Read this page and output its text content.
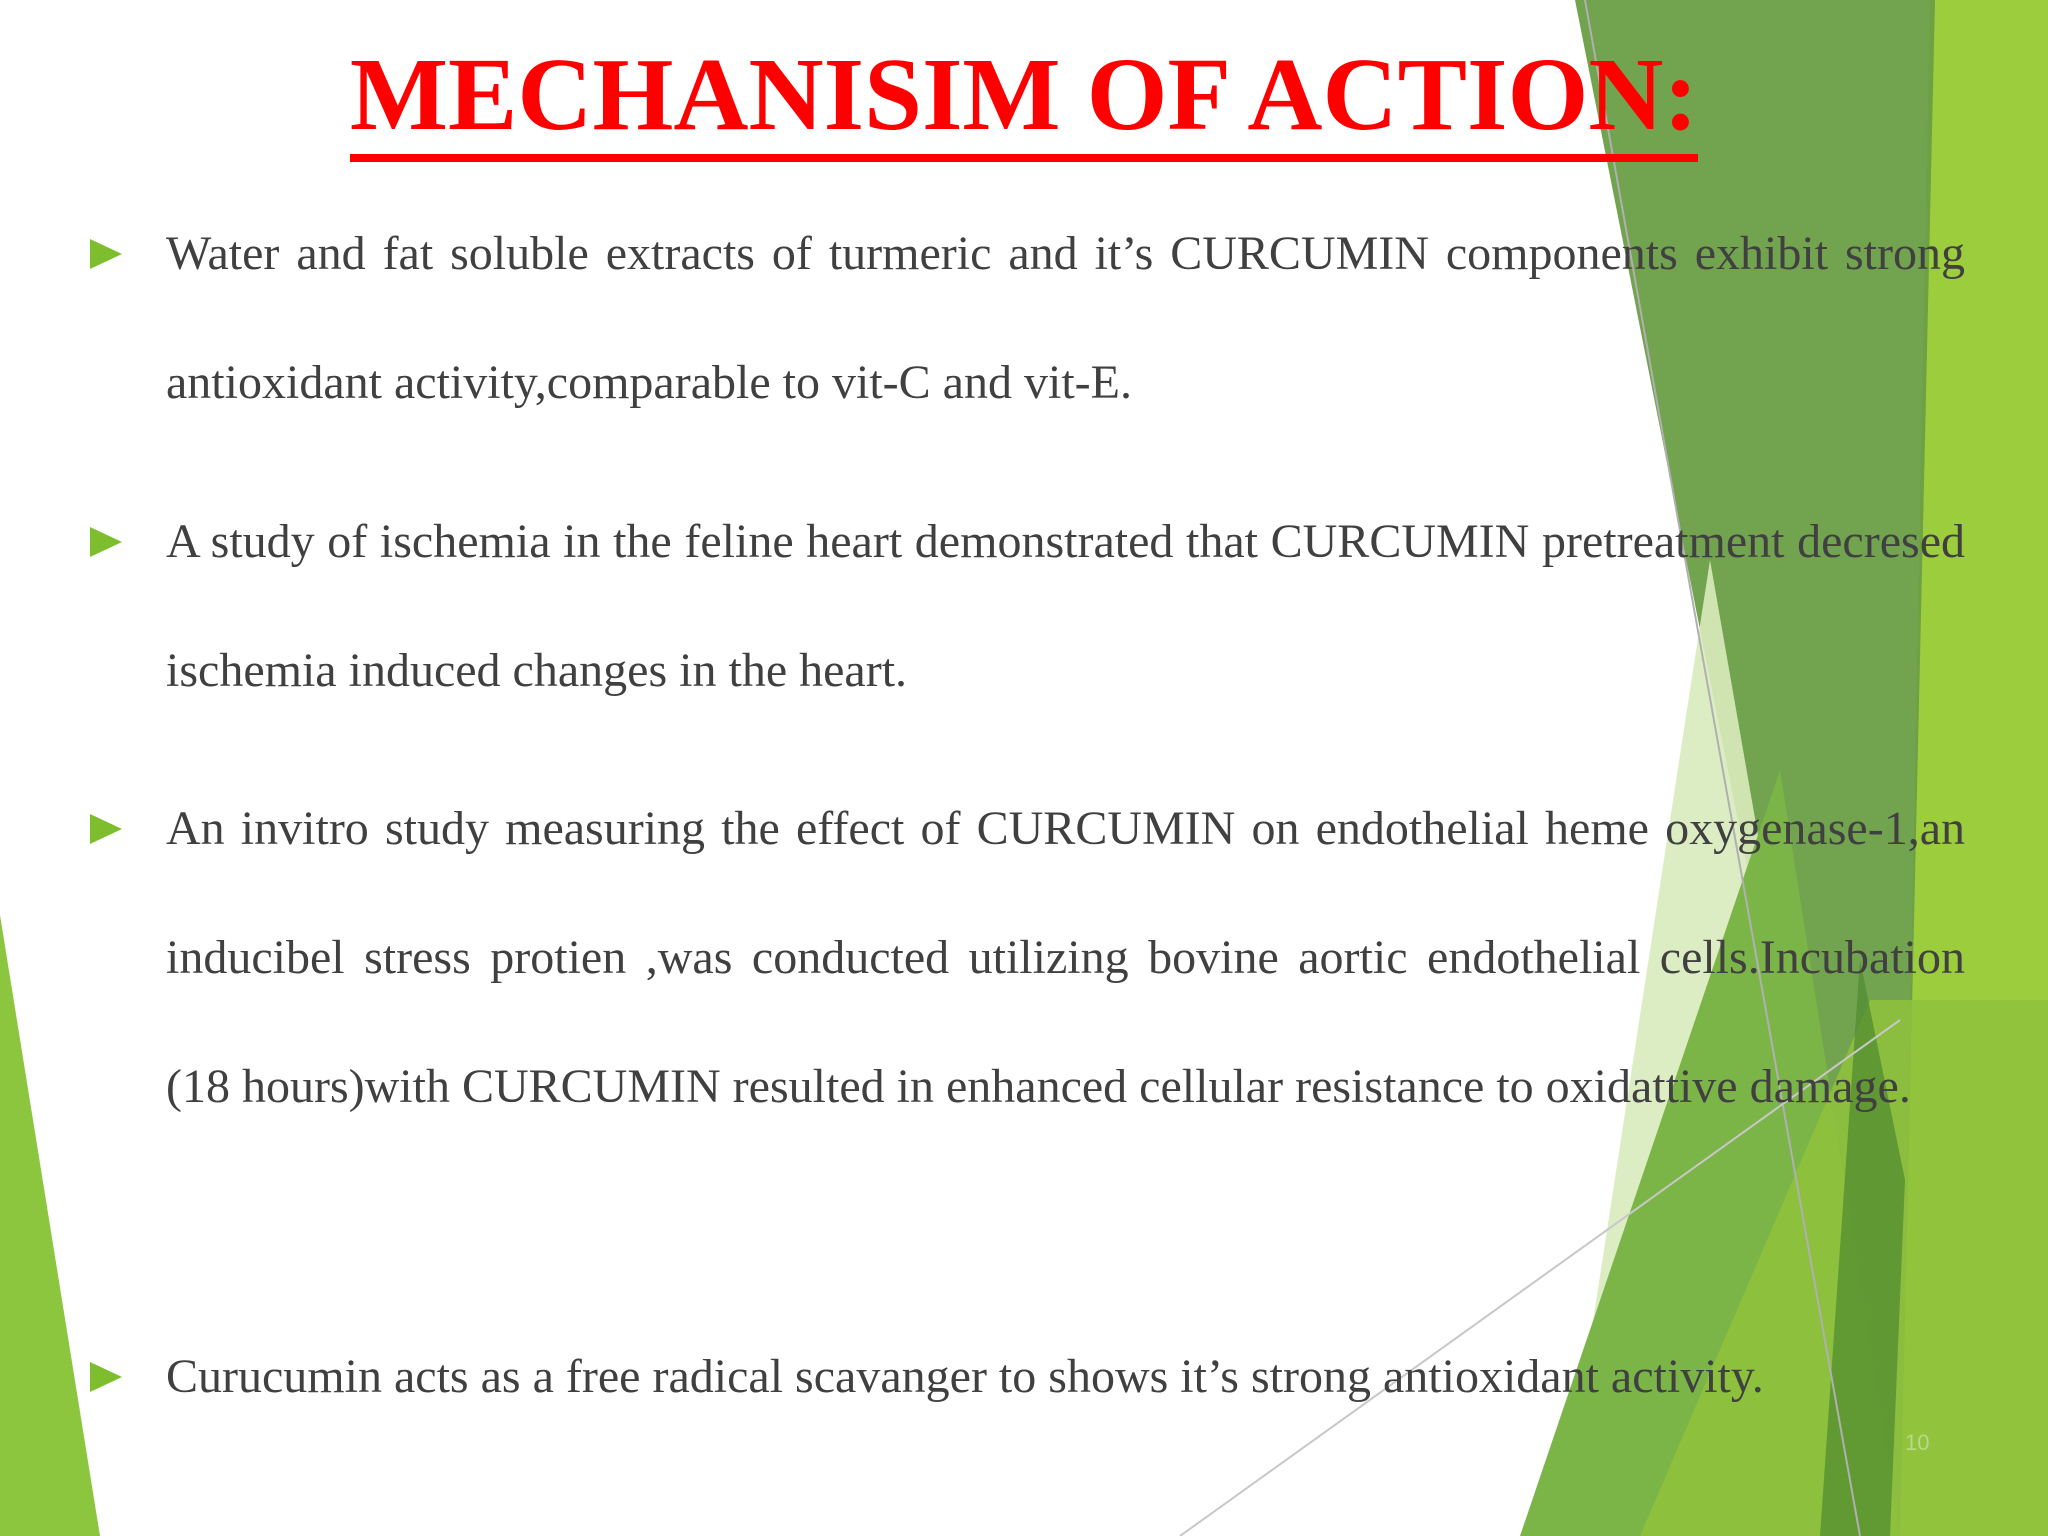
MECHANISIM OF ACTION:

Water and fat soluble extracts of turmeric and it’s CURCUMIN components exhibit strong antioxidant activity,comparable to vit-C and vit-E.

A study of ischemia in the feline heart demonstrated that CURCUMIN pretreatment decresed ischemia induced changes in the heart.

An invitro study measuring the effect of CURCUMIN on endothelial heme oxygenase-1,an inducibel stress protien ,was conducted utilizing bovine aortic endothelial cells.Incubation (18 hours)with CURCUMIN resulted in enhanced cellular resistance to oxidattive damage.

Curucumin acts as a free radical scavanger to shows it’s strong antioxidant activity.

10
